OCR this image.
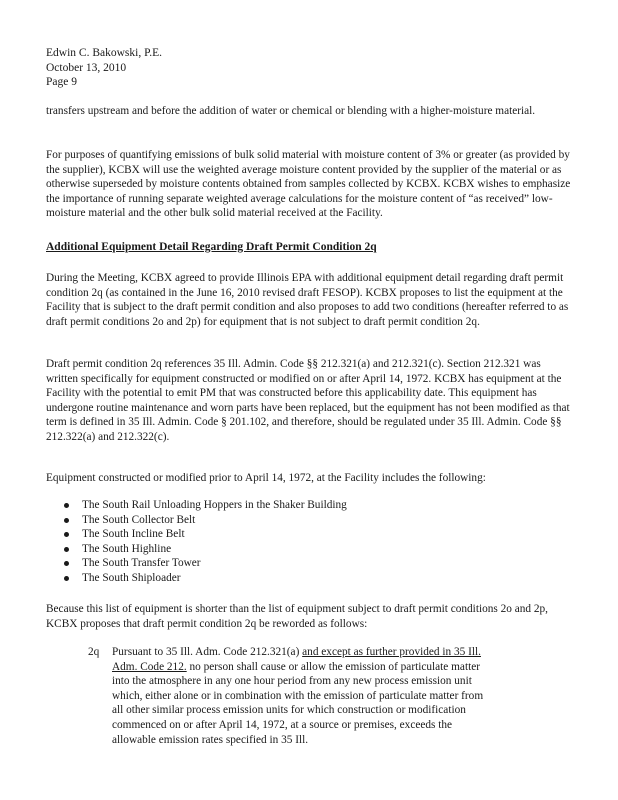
Edwin C. Bakowski, P.E.
October 13, 2010
Page 9

transfers upstream and before the addition of water or chemical or blending with a higher-moisture material.

For purposes of quantifying emissions of bulk solid material with moisture content of 3% or greater (as provided by the supplier), KCBX will use the weighted average moisture content provided by the supplier of the material or as otherwise superseded by moisture contents obtained from samples collected by KCBX. KCBX wishes to emphasize the importance of running separate weighted average calculations for the moisture content of “as received” low-moisture material and the other bulk solid material received at the Facility.

Additional Equipment Detail Regarding Draft Permit Condition 2q

During the Meeting, KCBX agreed to provide Illinois EPA with additional equipment detail regarding draft permit condition 2q (as contained in the June 16, 2010 revised draft FESOP). KCBX proposes to list the equipment at the Facility that is subject to the draft permit condition and also proposes to add two conditions (hereafter referred to as draft permit conditions 2o and 2p) for equipment that is not subject to draft permit condition 2q.

Draft permit condition 2q references 35 Ill. Admin. Code §§ 212.321(a) and 212.321(c). Section 212.321 was written specifically for equipment constructed or modified on or after April 14, 1972. KCBX has equipment at the Facility with the potential to emit PM that was constructed before this applicability date. This equipment has undergone routine maintenance and worn parts have been replaced, but the equipment has not been modified as that term is defined in 35 Ill. Admin. Code § 201.102, and therefore, should be regulated under 35 Ill. Admin. Code §§ 212.322(a) and 212.322(c).

Equipment constructed or modified prior to April 14, 1972, at the Facility includes the following:

The South Rail Unloading Hoppers in the Shaker Building
The South Collector Belt
The South Incline Belt
The South Highline
The South Transfer Tower
The South Shiploader

Because this list of equipment is shorter than the list of equipment subject to draft permit conditions 2o and 2p, KCBX proposes that draft permit condition 2q be reworded as follows:

2q Pursuant to 35 Ill. Adm. Code 212.321(a) and except as further provided in 35 Ill. Adm. Code 212. no person shall cause or allow the emission of particulate matter into the atmosphere in any one hour period from any new process emission unit which, either alone or in combination with the emission of particulate matter from all other similar process emission units for which construction or modification commenced on or after April 14, 1972, at a source or premises, exceeds the allowable emission rates specified in 35 Ill.
